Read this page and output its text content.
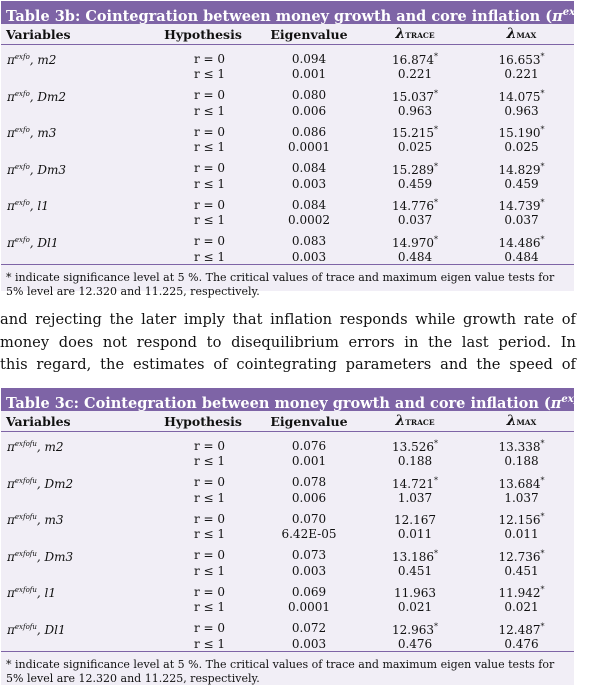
Table 3b: Cointegration between money growth and core inflation $(\pi^{exfo})$
Variables	Hypothesis	Eigenvalue	λTRACE	λMAX
$\pi^{exfo}$, m2	r = 0	0.094	16.874*	16.653*
	r ≤ 1	0.001	0.221	0.221
$\pi^{exfo}$, Dm2	r = 0	0.080	15.037*	14.075*
	r ≤ 1	0.006	0.963	0.963
$\pi^{exfo}$, m3	r = 0	0.086	15.215*	15.190*
	r ≤ 1	0.0001	0.025	0.025
$\pi^{exfo}$, Dm3	r = 0	0.084	15.289*	14.829*
	r ≤ 1	0.003	0.459	0.459
$\pi^{exfo}$, l1	r = 0	0.084	14.776*	14.739*
	r ≤ 1	0.0002	0.037	0.037
$\pi^{exfo}$, Dl1	r = 0	0.083	14.970*	14.486*
	r ≤ 1	0.003	0.484	0.484
* indicate significance level at 5 %. The critical values of trace and maximum eigen value tests for 5% level are 12.320 and 11.225, respectively.
and rejecting the later imply that inflation responds while growth rate of
money does not respond to disequilibrium errors in the last period. In
this regard, the estimates of cointegrating parameters and the speed of
Table 3c: Cointegration between money growth and core inflation $(\pi^{exfofu})$
Variables	Hypothesis	Eigenvalue	λTRACE	λMAX
$\pi^{exfofu}$, m2	r = 0	0.076	13.526*	13.338*
	r ≤ 1	0.001	0.188	0.188
$\pi^{exfofu}$, Dm2	r = 0	0.078	14.721*	13.684*
	r ≤ 1	0.006	1.037	1.037
$\pi^{exfofu}$, m3	r = 0	0.070	12.167	12.156*
	r ≤ 1	6.42E-05	0.011	0.011
$\pi^{exfofu}$, Dm3	r = 0	0.073	13.186*	12.736*
	r ≤ 1	0.003	0.451	0.451
$\pi^{exfofu}$, l1	r = 0	0.069	11.963	11.942*
	r ≤ 1	0.0001	0.021	0.021
$\pi^{exfofu}$, Dl1	r = 0	0.072	12.963*	12.487*
	r ≤ 1	0.003	0.476	0.476
* indicate significance level at 5 %. The critical values of trace and maximum eigen value tests for 5% level are 12.320 and 11.225, respectively.
